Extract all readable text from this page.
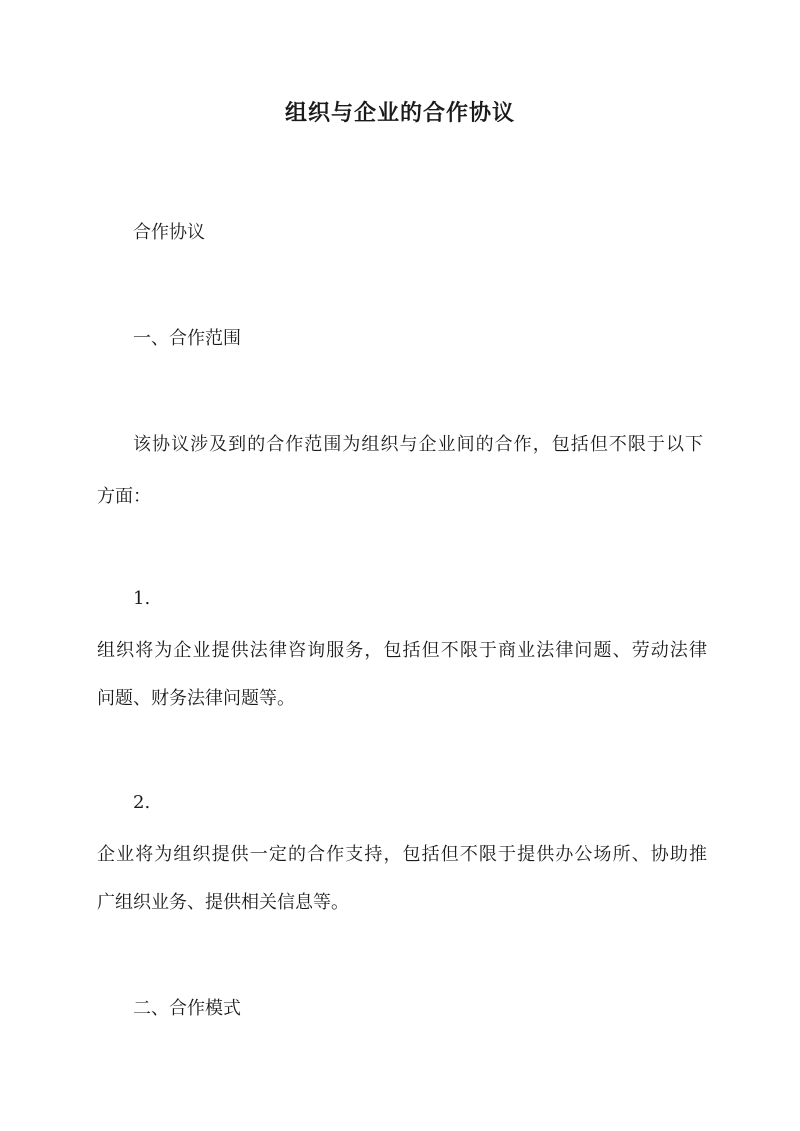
组织与企业的合作协议
合作协议
一、合作范围
该协议涉及到的合作范围为组织与企业间的合作，包括但不限于以下
方面：
1.
组织将为企业提供法律咨询服务，包括但不限于商业法律问题、劳动法律
问题、财务法律问题等。
2.
企业将为组织提供一定的合作支持，包括但不限于提供办公场所、协助推
广组织业务、提供相关信息等。
二、合作模式
